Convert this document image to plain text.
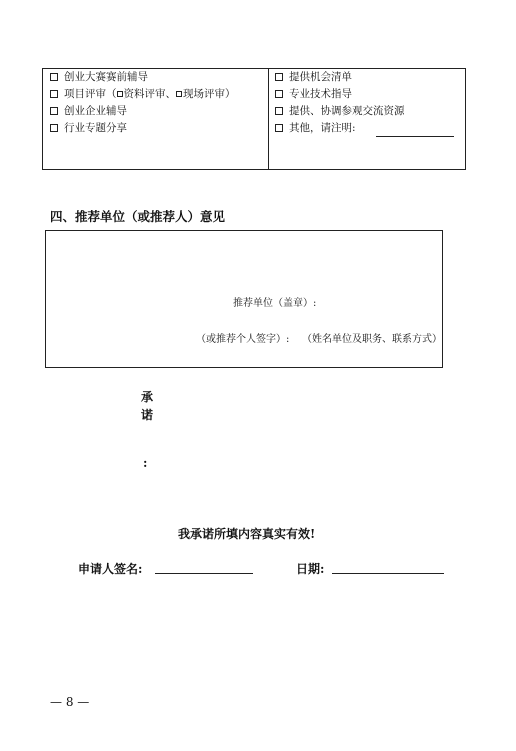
创业大赛赛前辅导
项目评审（ 资料评审、 现场评审）
创业企业辅导
行业专题分享
提供机会清单
专业技术指导
提供、协调参观交流资源
其他，请注明:
四、推荐单位（或推荐人）意见
推荐单位（盖章）:
（或推荐个人签字）: （姓名单位及职务、联系方式）
承
诺
:
我承诺所填内容真实有效!
申请人签名:	日期:
— 8 —
